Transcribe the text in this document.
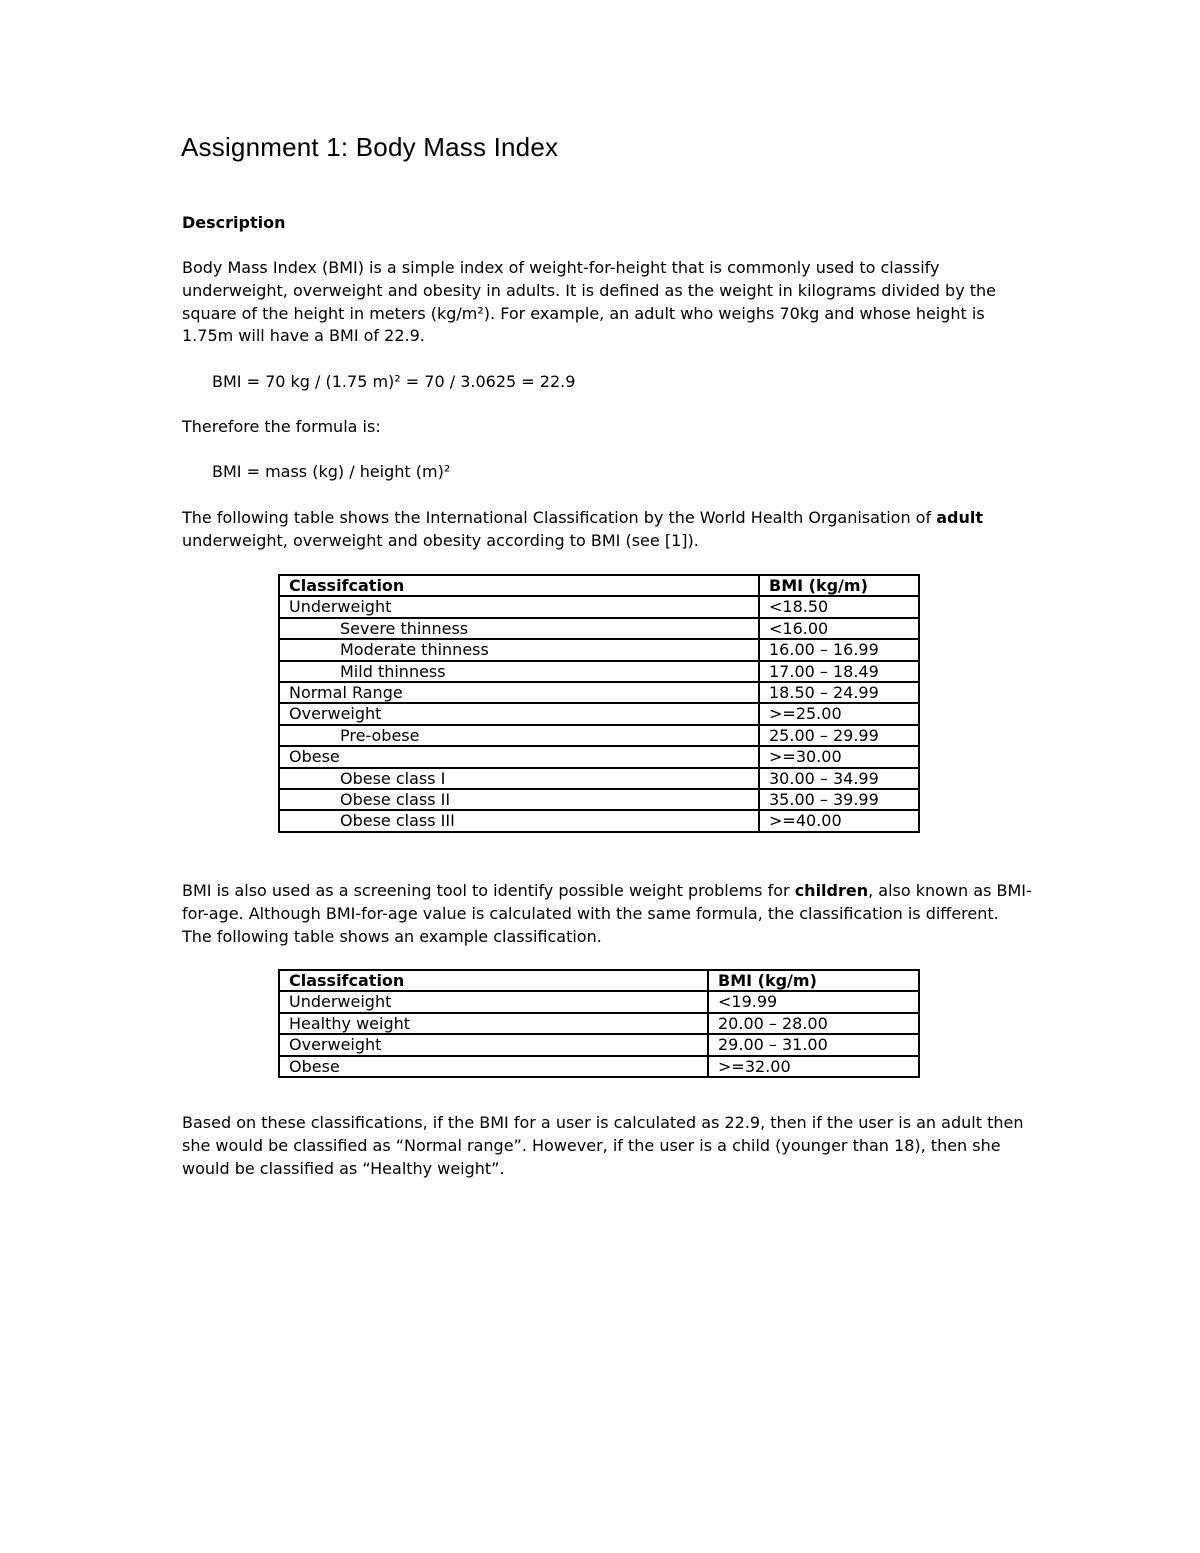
Assignment 1: Body Mass Index
Description

Body Mass Index (BMI) is a simple index of weight-for-height that is commonly used to classify underweight, overweight and obesity in adults. It is defined as the weight in kilograms divided by the square of the height in meters (kg/m²). For example, an adult who weighs 70kg and whose height is 1.75m will have a BMI of 22.9.

BMI = 70 kg / (1.75 m)² = 70 / 3.0625 = 22.9

Therefore the formula is:

BMI = mass (kg) / height (m)²

The following table shows the International Classification by the World Health Organisation of adult underweight, overweight and obesity according to BMI (see [1]).

Classifcation	BMI (kg/m)
Underweight	<18.50
Severe thinness	<16.00
Moderate thinness	16.00 – 16.99
Mild thinness	17.00 – 18.49
Normal Range	18.50 – 24.99
Overweight	>=25.00
Pre-obese	25.00 – 29.99
Obese	>=30.00
Obese class I	30.00 – 34.99
Obese class II	35.00 – 39.99
Obese class III	>=40.00

BMI is also used as a screening tool to identify possible weight problems for children, also known as BMI-for-age. Although BMI-for-age value is calculated with the same formula, the classification is different. The following table shows an example classification.

Classifcation	BMI (kg/m)
Underweight	<19.99
Healthy weight	20.00 – 28.00
Overweight	29.00 – 31.00
Obese	>=32.00

Based on these classifications, if the BMI for a user is calculated as 22.9, then if the user is an adult then she would be classified as “Normal range”. However, if the user is a child (younger than 18), then she would be classified as “Healthy weight”.
